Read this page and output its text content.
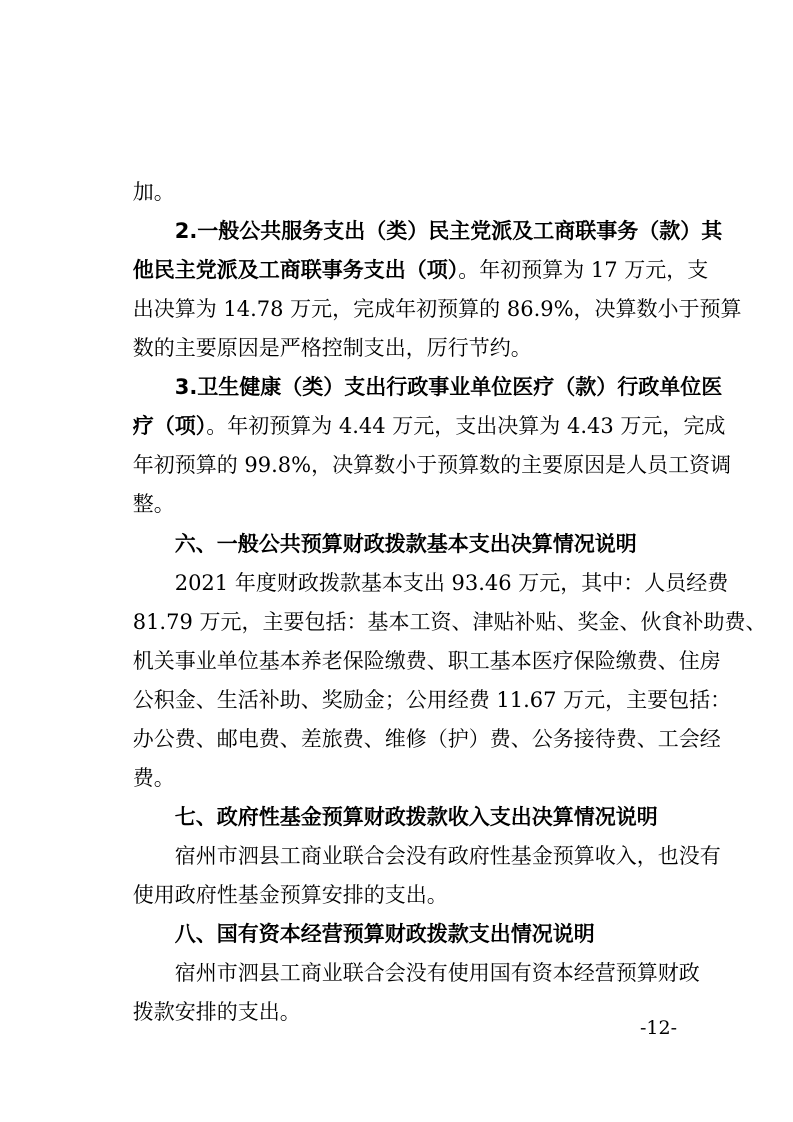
加。

2.一般公共服务支出（类）民主党派及工商联事务（款）其

他民主党派及工商联事务支出（项）。年初预算为 17 万元，支

出决算为 14.78 万元，完成年初预算的 86.9%，决算数小于预算

数的主要原因是严格控制支出，厉行节约。

3.卫生健康（类）支出行政事业单位医疗（款）行政单位医

疗（项）。年初预算为 4.44 万元，支出决算为 4.43 万元，完成

年初预算的 99.8%，决算数小于预算数的主要原因是人员工资调

整。

六、一般公共预算财政拨款基本支出决算情况说明

2021 年度财政拨款基本支出 93.46 万元，其中：人员经费

81.79 万元，主要包括：基本工资、津贴补贴、奖金、伙食补助费、

机关事业单位基本养老保险缴费、职工基本医疗保险缴费、住房

公积金、生活补助、奖励金；公用经费 11.67 万元，主要包括：

办公费、邮电费、差旅费、维修（护）费、公务接待费、工会经

费。

七、政府性基金预算财政拨款收入支出决算情况说明

宿州市泗县工商业联合会没有政府性基金预算收入，也没有

使用政府性基金预算安排的支出。

八、国有资本经营预算财政拨款支出情况说明

宿州市泗县工商业联合会没有使用国有资本经营预算财政

拨款安排的支出。

-12-
